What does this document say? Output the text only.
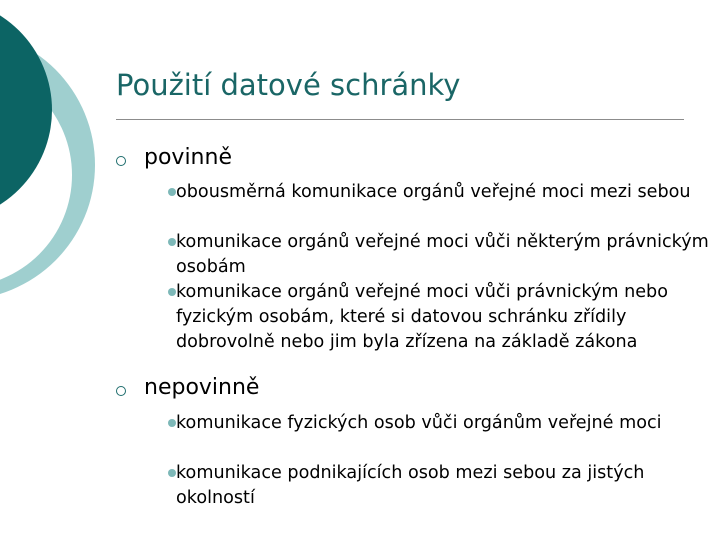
Použití datové schránky
povinně
obousměrná komunikace orgánů veřejné moci mezi sebou
komunikace orgánů veřejné moci vůči některým právnickým osobám
komunikace orgánů veřejné moci vůči právnickým nebo fyzickým osobám, které si datovou schránku zřídily dobrovolně nebo jim byla zřízena na základě zákona
nepovinně
komunikace fyzických osob vůči orgánům veřejné moci
komunikace podnikajících osob mezi sebou za jistých okolností
